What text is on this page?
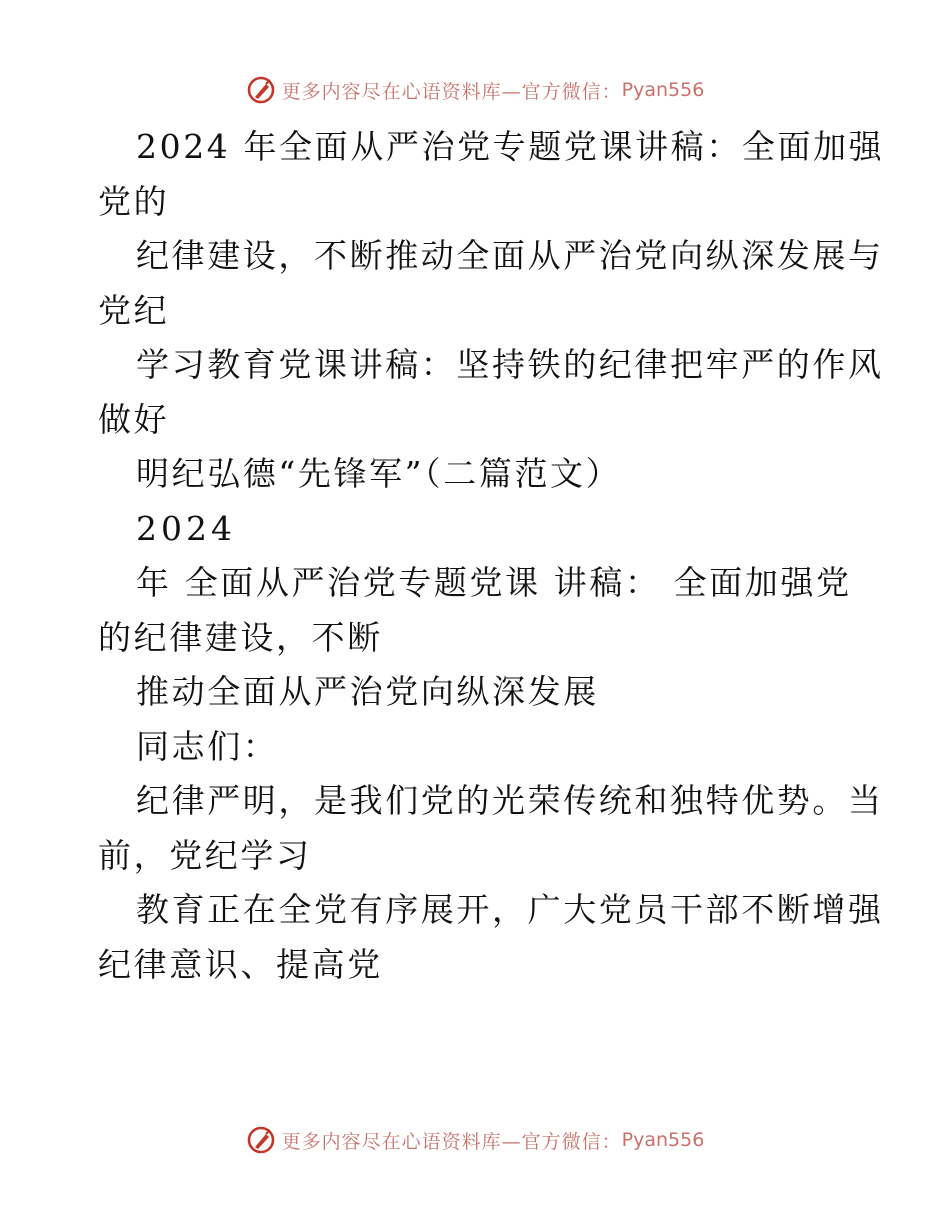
更多内容尽在心语资料库—官方微信： Pyan556
2024 年全面从严治党专题党课讲稿：全面加强
党的
纪律建设，不断推动全面从严治党向纵深发展与
党纪
学习教育党课讲稿：坚持铁的纪律把牢严的作风
做好
明纪弘德“先锋军”（二篇范文）
2024
年 全面从严治党专题党课 讲稿： 全面加强党
的纪律建设，不断
推动全面从严治党向纵深发展
同志们：
纪律严明，是我们党的光荣传统和独特优势。当
前，党纪学习
教育正在全党有序展开，广大党员干部不断增强
纪律意识、提高党
更多内容尽在心语资料库—官方微信： Pyan556
